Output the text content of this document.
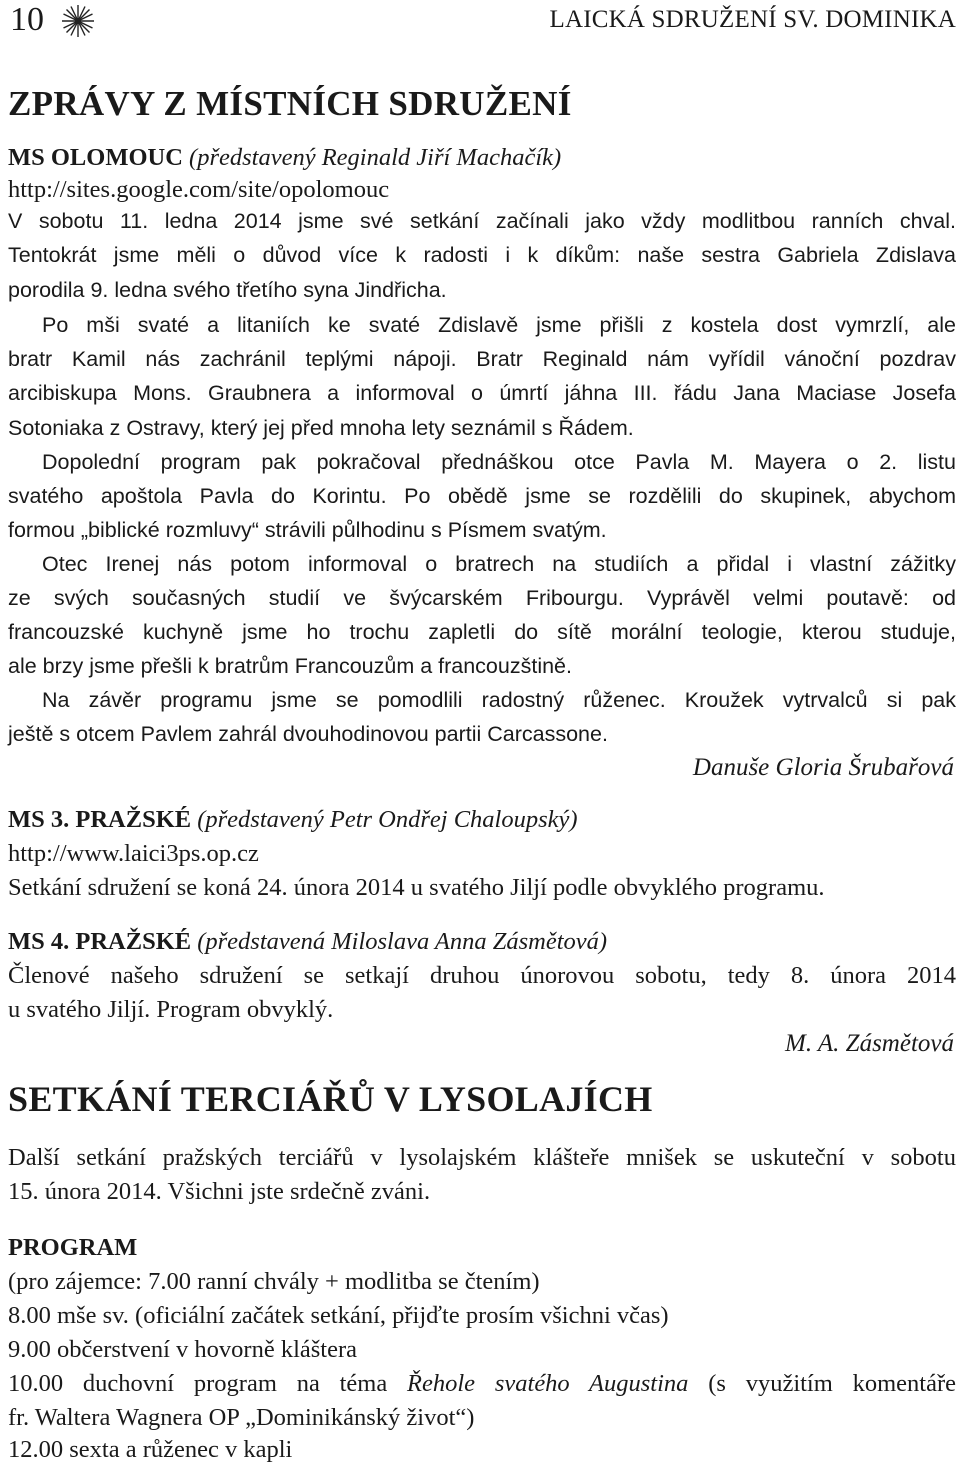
10	LAICKÁ SDRUŽENÍ SV. DOMINIKA
ZPRÁVY Z MÍSTNÍCH SDRUŽENÍ
MS OLOMOUC (představený Reginald Jiří Machačík)
http://sites.google.com/site/opolomouc
V sobotu 11. ledna 2014 jsme své setkání začínali jako vždy modlitbou ranních chval.
Tentokrát jsme měli o důvod více k radosti i k díkům: naše sestra Gabriela Zdislava
porodila 9. ledna svého třetího syna Jindřicha.
Po mši svaté a litaniích ke svaté Zdislavě jsme přišli z kostela dost vymrzlí, ale
bratr Kamil nás zachránil teplými nápoji. Bratr Reginald nám vyřídil vánoční pozdrav
arcibiskupa Mons. Graubnera a informoval o úmrtí jáhna III. řádu Jana Maciase Josefa
Sotoniaka z Ostravy, který jej před mnoha lety seznámil s Řádem.
Dopolední program pak pokračoval přednáškou otce Pavla M. Mayera o 2. listu
svatého apoštola Pavla do Korintu. Po obědě jsme se rozdělili do skupinek, abychom
formou „biblické rozmluvy“ strávili půlhodinu s Písmem svatým.
Otec Irenej nás potom informoval o bratrech na studiích a přidal i vlastní zážitky
ze svých současných studií ve švýcarském Fribourgu. Vyprávěl velmi poutavě: od
francouzské kuchyně jsme ho trochu zapletli do sítě morální teologie, kterou studuje,
ale brzy jsme přešli k bratrům Francouzům a francouzštině.
Na závěr programu jsme se pomodlili radostný růženec. Kroužek vytrvalců si pak
ještě s otcem Pavlem zahrál dvouhodinovou partii Carcassone.
Danuše Gloria Šrubařová
MS 3. PRAŽSKÉ (představený Petr Ondřej Chaloupský)
http://www.laici3ps.op.cz
Setkání sdružení se koná 24. února 2014 u svatého Jiljí podle obvyklého programu.
MS 4. PRAŽSKÉ (představená Miloslava Anna Zásmětová)
Členové našeho sdružení se setkají druhou únorovou sobotu, tedy 8. února 2014
u svatého Jiljí. Program obvyklý.
M. A. Zásmětová
SETKÁNÍ TERCIÁŘŮ V LYSOLAJÍCH
Další setkání pražských terciářů v lysolajském klášteře mnišek se uskuteční v sobotu
15. února 2014. Všichni jste srdečně zváni.
PROGRAM
(pro zájemce: 7.00 ranní chvály + modlitba se čtením)
8.00 mše sv. (oficiální začátek setkání, přijďte prosím všichni včas)
9.00 občerstvení v hovorně kláštera
10.00 duchovní program na téma Řehole svatého Augustina (s využitím komentáře
fr. Waltera Wagnera OP „Dominikánský život“)
12.00 sexta a růženec v kapli
